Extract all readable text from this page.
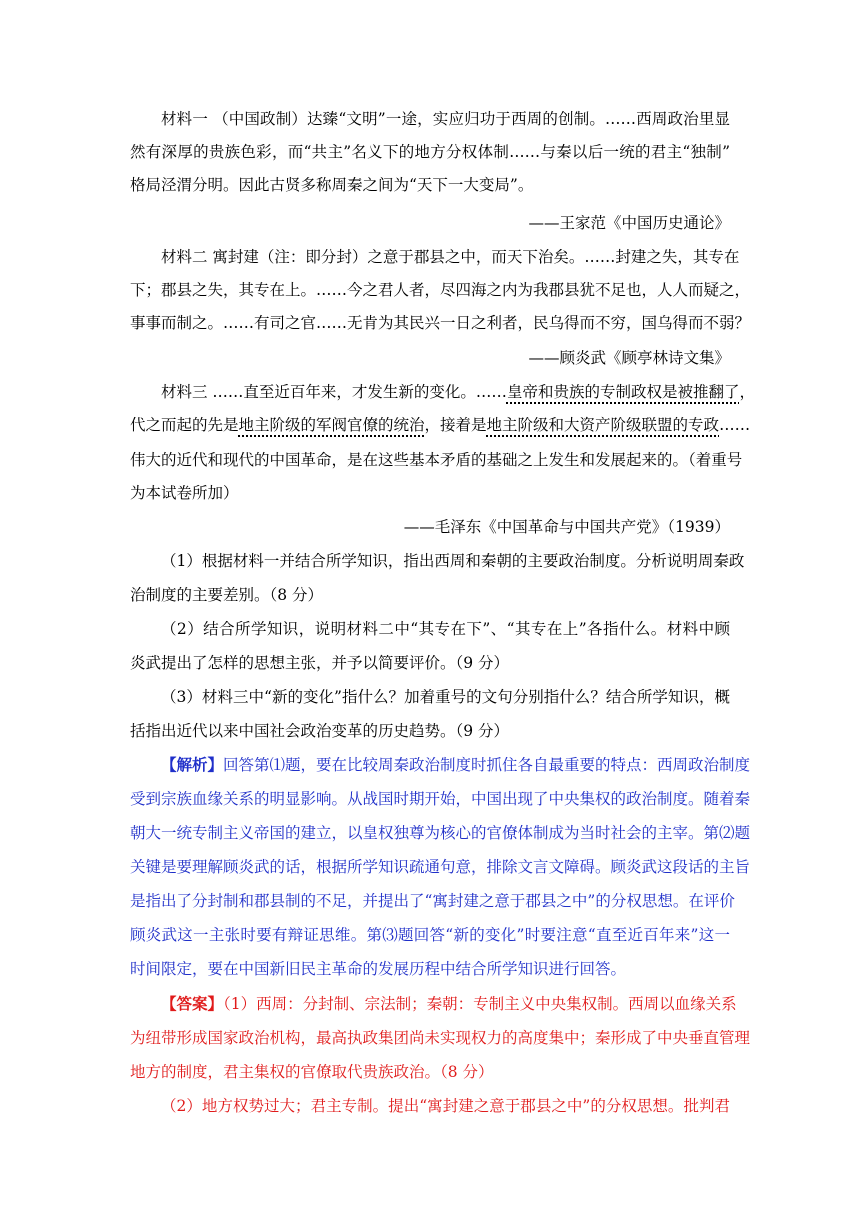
材料一 （中国政制）达臻“文明”一途，实应归功于西周的创制。……西周政治里显
然有深厚的贵族色彩，而“共主”名义下的地方分权体制……与秦以后一统的君主“独制”
格局泾渭分明。因此古贤多称周秦之间为“天下一大变局”。
——王家范《中国历史通论》
材料二 寓封建（注：即分封）之意于郡县之中，而天下治矣。……封建之失，其专在
下；郡县之失，其专在上。……今之君人者，尽四海之内为我郡县犹不足也，人人而疑之，
事事而制之。……有司之官……无肯为其民兴一日之利者，民乌得而不穷，国乌得而不弱？
——顾炎武《顾亭林诗文集》
材料三 ……直至近百年来，才发生新的变化。……皇帝和贵族的专制政权是被推翻了，
代之而起的先是地主阶级的军阀官僚的统治，接着是地主阶级和大资产阶级联盟的专政……
伟大的近代和现代的中国革命，是在这些基本矛盾的基础之上发生和发展起来的。（着重号
为本试卷所加）
——毛泽东《中国革命与中国共产党》（1939）
（1）根据材料一并结合所学知识，指出西周和秦朝的主要政治制度。分析说明周秦政
治制度的主要差别。（8 分）
（2）结合所学知识，说明材料二中“其专在下”、“其专在上”各指什么。材料中顾
炎武提出了怎样的思想主张，并予以简要评价。（9 分）
（3）材料三中“新的变化”指什么？加着重号的文句分别指什么？结合所学知识，概
括指出近代以来中国社会政治变革的历史趋势。（9 分）
【解析】回答第⑴题，要在比较周秦政治制度时抓住各自最重要的特点：西周政治制度
受到宗族血缘关系的明显影响。从战国时期开始，中国出现了中央集权的政治制度。随着秦
朝大一统专制主义帝国的建立，以皇权独尊为核心的官僚体制成为当时社会的主宰。第⑵题
关键是要理解顾炎武的话，根据所学知识疏通句意，排除文言文障碍。顾炎武这段话的主旨
是指出了分封制和郡县制的不足，并提出了“寓封建之意于郡县之中”的分权思想。在评价
顾炎武这一主张时要有辩证思维。第⑶题回答“新的变化”时要注意“直至近百年来”这一
时间限定，要在中国新旧民主革命的发展历程中结合所学知识进行回答。
【答案】（1）西周：分封制、宗法制；秦朝：专制主义中央集权制。西周以血缘关系
为纽带形成国家政治机构，最高执政集团尚未实现权力的高度集中；秦形成了中央垂直管理
地方的制度，君主集权的官僚取代贵族政治。（8 分）
（2）地方权势过大；君主专制。提出“寓封建之意于郡县之中”的分权思想。批判君
